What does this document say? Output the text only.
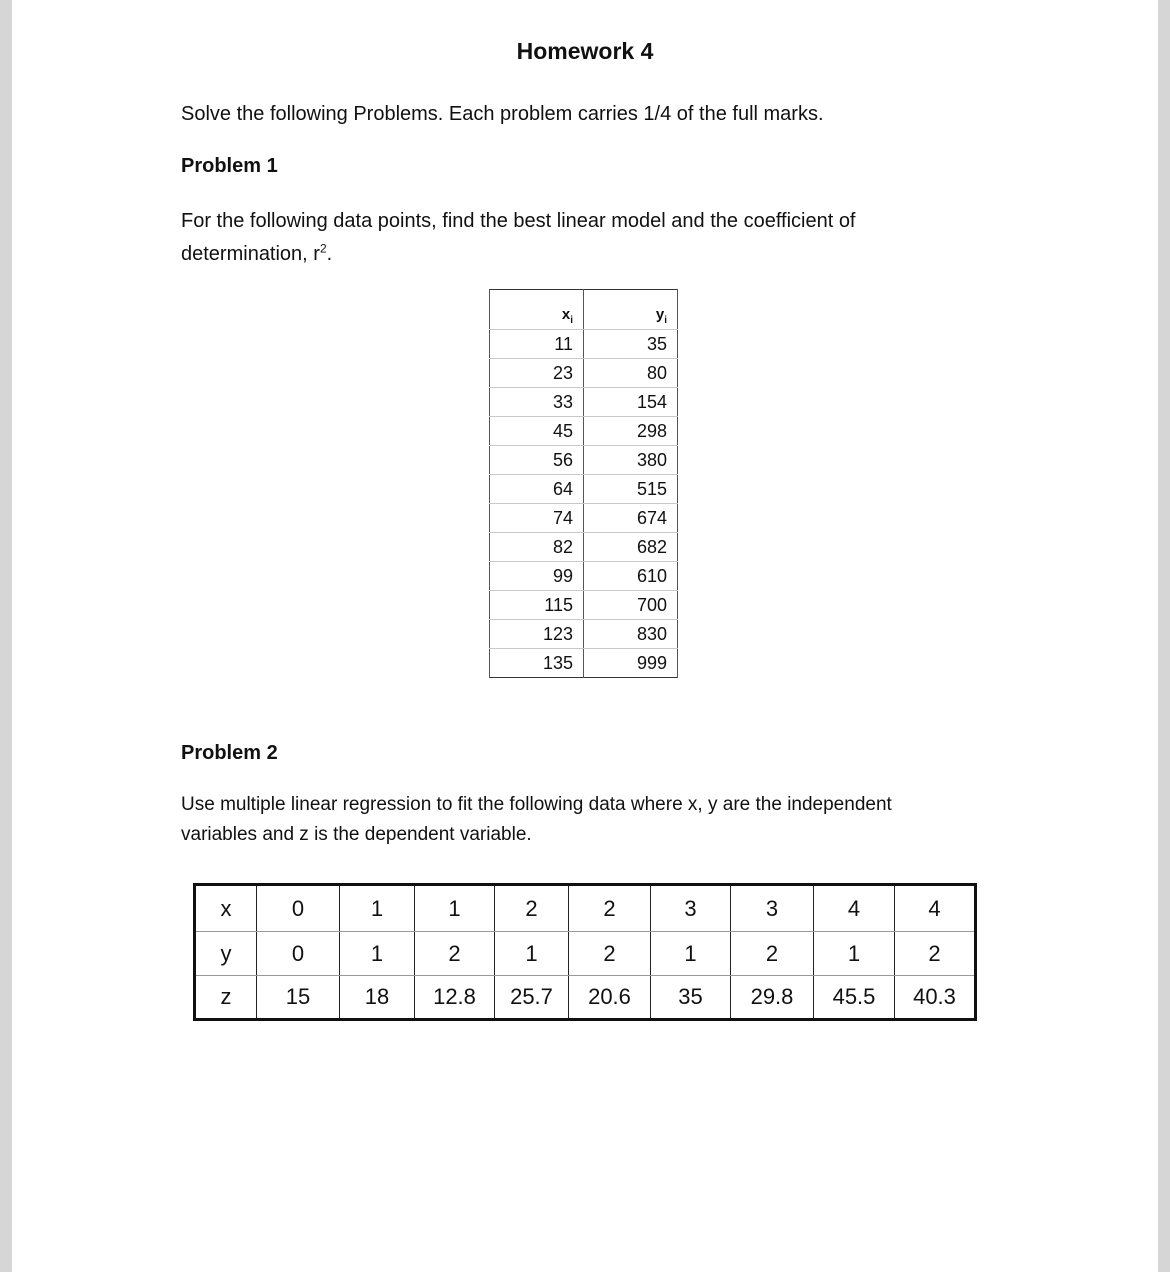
Homework 4
Solve the following Problems. Each problem carries 1/4 of the full marks.
Problem 1
For the following data points, find the best linear model and the coefficient of
determination, $r^2$.
$x_i$	$y_i$
11	35
23	80
33	154
45	298
56	380
64	515
74	674
82	682
99	610
115	700
123	830
135	999
Problem 2
Use multiple linear regression to fit the following data where x, y are the independent
variables and z is the dependent variable.
x	0	1	1	2	2	3	3	4	4
y	0	1	2	1	2	1	2	1	2
z	15	18	12.8	25.7	20.6	35	29.8	45.5	40.3
